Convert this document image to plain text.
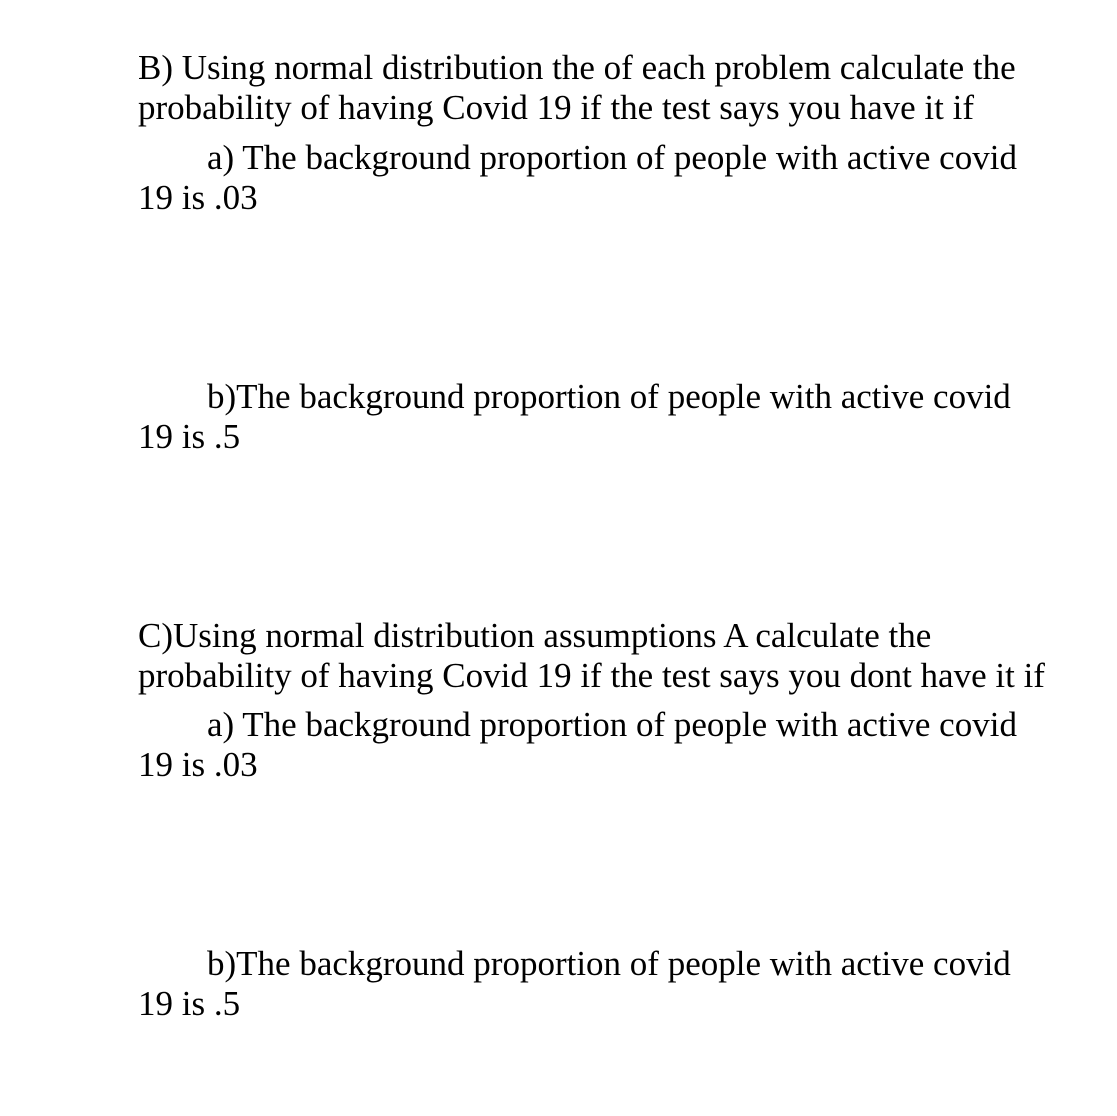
B) Using normal distribution the of each problem calculate the

probability of having Covid 19 if the test says you have it if

a) The background proportion of people with active covid

19 is .03

b)The background proportion of people with active covid

19 is .5

C)Using normal distribution assumptions A calculate the

probability of having Covid 19 if the test says you dont have it if

a) The background proportion of people with active covid

19 is .03

b)The background proportion of people with active covid

19 is .5
